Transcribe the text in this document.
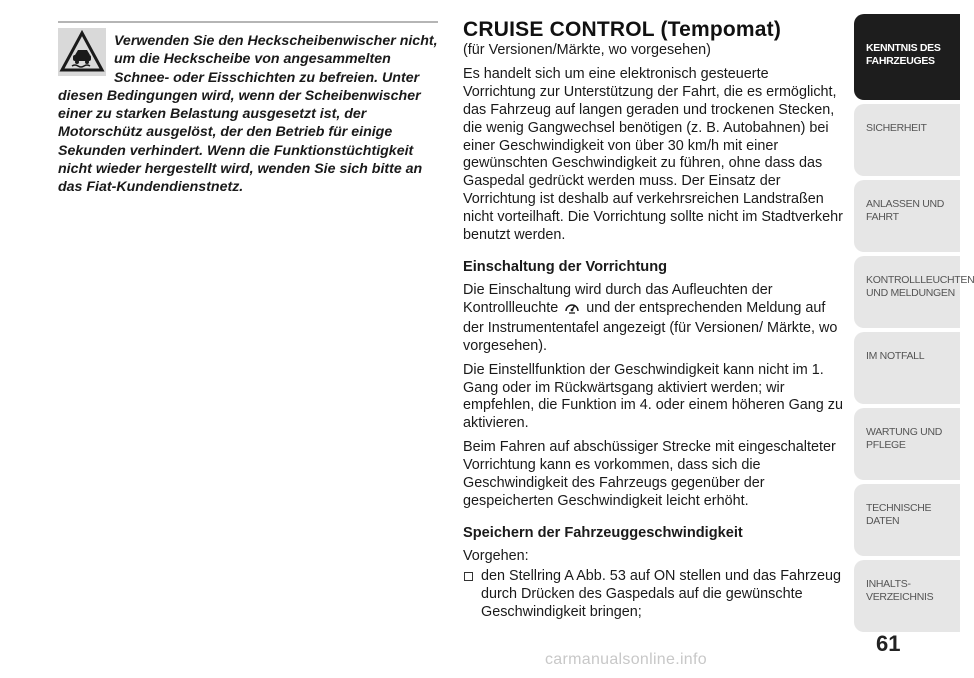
Verwenden Sie den Heckscheibenwischer nicht, um die Heckscheibe von angesammelten Schnee- oder Eisschichten zu befreien. Unter diesen Bedingungen wird, wenn der Scheibenwischer einer zu starken Belastung ausgesetzt ist, der Motorschütz ausgelöst, der den Betrieb für einige Sekunden verhindert. Wenn die Funktionstüchtigkeit nicht wieder hergestellt wird, wenden Sie sich bitte an das Fiat-Kundendienstnetz.
CRUISE CONTROL (Tempomat)

(für Versionen/Märkte, wo vorgesehen)

Es handelt sich um eine elektronisch gesteuerte Vorrichtung zur Unterstützung der Fahrt, die es ermöglicht, das Fahrzeug auf langen geraden und trockenen Stecken, die wenig Gangwechsel benötigen (z. B. Autobahnen) bei einer Geschwindigkeit von über 30 km/h mit einer gewünschten Geschwindigkeit zu führen, ohne dass das Gaspedal gedrückt werden muss. Der Einsatz der Vorrichtung ist deshalb auf verkehrsreichen Landstraßen nicht vorteilhaft. Die Vorrichtung sollte nicht im Stadtverkehr benutzt werden.

Einschaltung der Vorrichtung

Die Einschaltung wird durch das Aufleuchten der Kontrollleuchte und der entsprechenden Meldung auf der Instrumententafel angezeigt (für Versionen/ Märkte, wo vorgesehen).

Die Einstellfunktion der Geschwindigkeit kann nicht im 1. Gang oder im Rückwärtsgang aktiviert werden; wir empfehlen, die Funktion im 4. oder einem höheren Gang zu aktivieren.

Beim Fahren auf abschüssiger Strecke mit eingeschalteter Vorrichtung kann es vorkommen, dass sich die Geschwindigkeit des Fahrzeugs gegenüber der gespeicherten Geschwindigkeit leicht erhöht.

Speichern der Fahrzeuggeschwindigkeit

Vorgehen:

den Stellring A Abb. 53 auf ON stellen und das Fahrzeug durch Drücken des Gaspedals auf die gewünschte Geschwindigkeit bringen;
KENNTNIS DES FAHRZEUGES
SICHERHEIT
ANLASSEN UND FAHRT
KONTROLLLEUCHTEN UND MELDUNGEN
IM NOTFALL
WARTUNG UND PFLEGE
TECHNISCHE DATEN
INHALTS- VERZEICHNIS
61
carmanualsonline.info
